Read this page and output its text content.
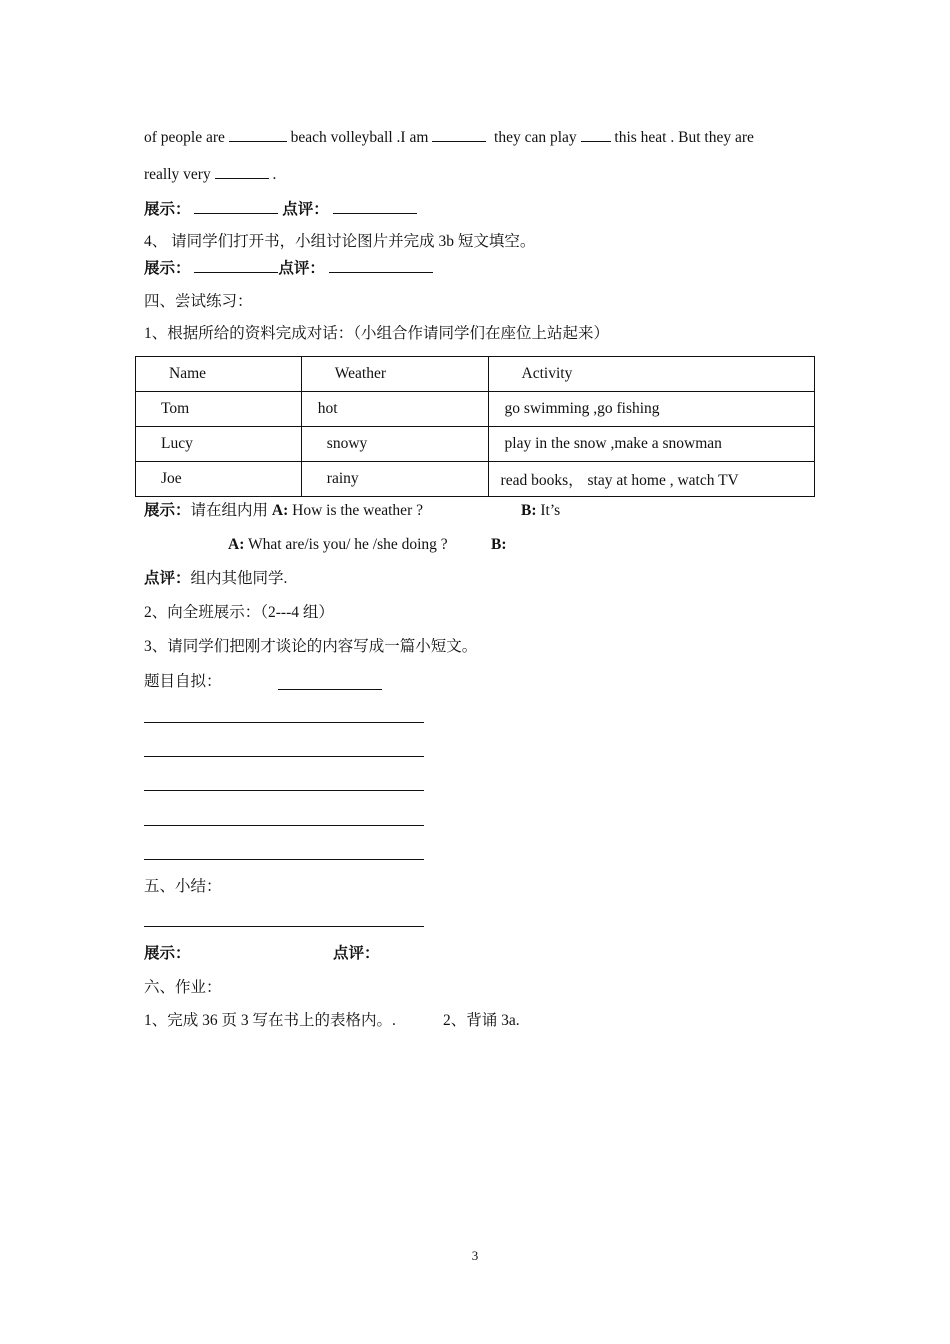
of people are	beach volleyball .I am	they can play this heat . But they are
really very	.
展示：	点评：
4、 请同学们打开书，小组讨论图片并完成 3b 短文填空。
展示：	点评：
四、尝试练习：
1、根据所给的资料完成对话：（小组合作请同学们在座位上站起来）
Name	Weather	Activity
Tom	hot	go swimming ,go fishing
Lucy	snowy	play in the snow ,make a snowman
Joe	rainy	read books， stay at home , watch TV
展示：请在组内用 A: How is the weather ?	B: It’s
A: What are/is you/ he /she doing ?	B:
点评：组内其他同学.
2、向全班展示：（2---4 组）
3、请同学们把刚才谈论的内容写成一篇小短文。
题目自拟：
五、小结：
展示：	点评：
六、作业：
1、完成 36 页 3 写在书上的表格内。.	2、背诵 3a.
3
